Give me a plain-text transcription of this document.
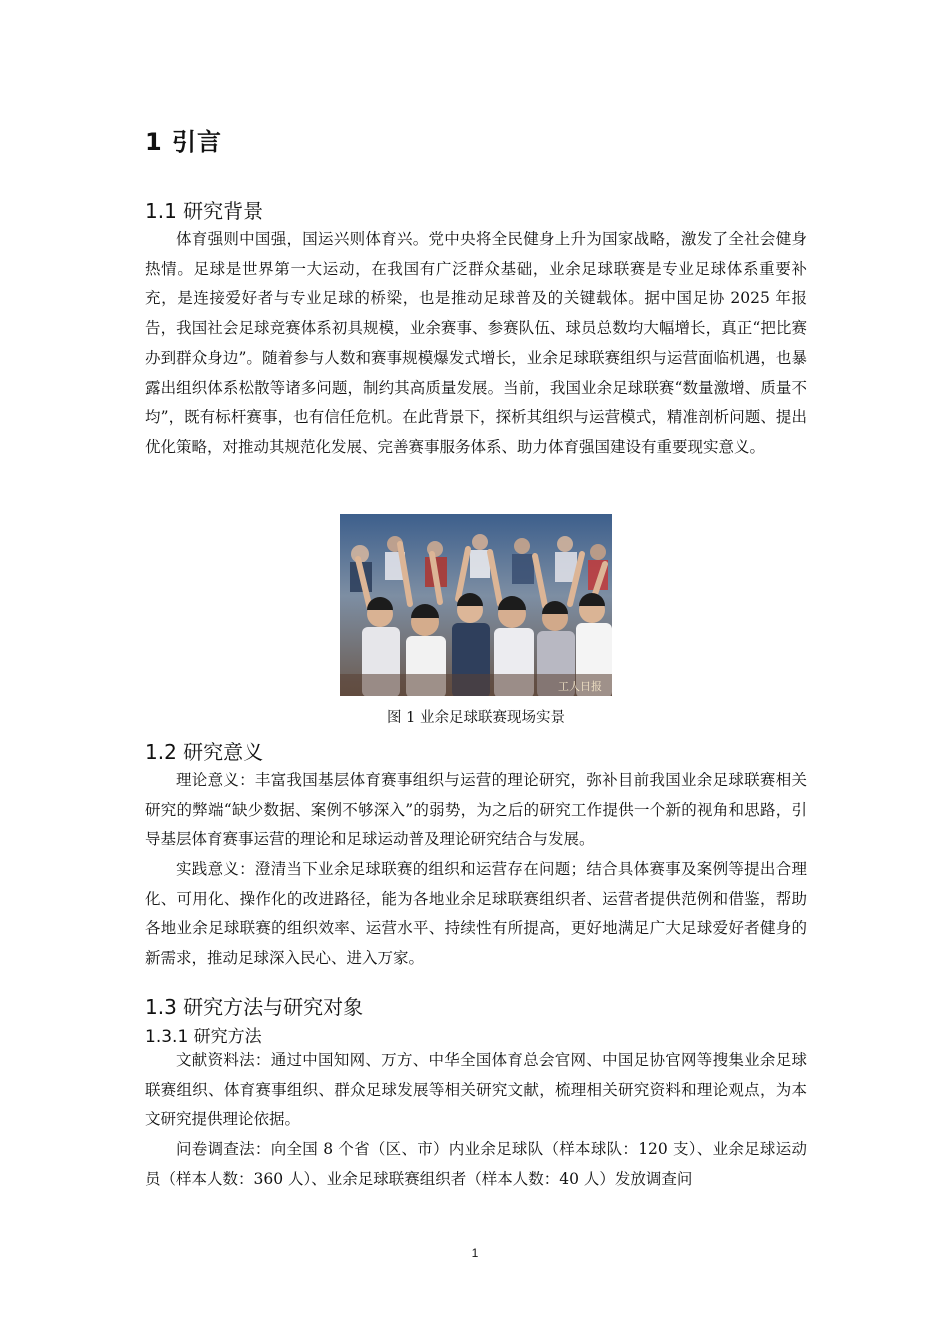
1 引言
1.1 研究背景

体育强则中国强，国运兴则体育兴。党中央将全民健身上升为国家战略，激发了全社会健身热情。足球是世界第一大运动，在我国有广泛群众基础，业余足球联赛是专业足球体系重要补充，是连接爱好者与专业足球的桥梁，也是推动足球普及的关键载体。据中国足协 2025 年报告，我国社会足球竞赛体系初具规模，业余赛事、参赛队伍、球员总数均大幅增长，真正“把比赛办到群众身边”。随着参与人数和赛事规模爆发式增长，业余足球联赛组织与运营面临机遇，也暴露出组织体系松散等诸多问题，制约其高质量发展。当前，我国业余足球联赛“数量激增、质量不均”，既有标杆赛事，也有信任危机。在此背景下，探析其组织与运营模式，精准剖析问题、提出优化策略，对推动其规范化发展、完善赛事服务体系、助力体育强国建设有重要现实意义。

工人日报

图 1 业余足球联赛现场实景

1.2 研究意义

理论意义：丰富我国基层体育赛事组织与运营的理论研究，弥补目前我国业余足球联赛相关研究的弊端“缺少数据、案例不够深入”的弱势，为之后的研究工作提供一个新的视角和思路，引导基层体育赛事运营的理论和足球运动普及理论研究结合与发展。

实践意义：澄清当下业余足球联赛的组织和运营存在问题；结合具体赛事及案例等提出合理化、可用化、操作化的改进路径，能为各地业余足球联赛组织者、运营者提供范例和借鉴，帮助各地业余足球联赛的组织效率、运营水平、持续性有所提高，更好地满足广大足球爱好者健身的新需求，推动足球深入民心、进入万家。

1.3 研究方法与研究对象
1.3.1 研究方法

文献资料法：通过中国知网、万方、中华全国体育总会官网、中国足协官网等搜集业余足球联赛组织、体育赛事组织、群众足球发展等相关研究文献，梳理相关研究资料和理论观点，为本文研究提供理论依据。

问卷调查法：向全国 8 个省（区、市）内业余足球队（样本球队：120 支）、业余足球运动员（样本人数：360 人）、业余足球联赛组织者（样本人数：40 人）发放调查问

1
